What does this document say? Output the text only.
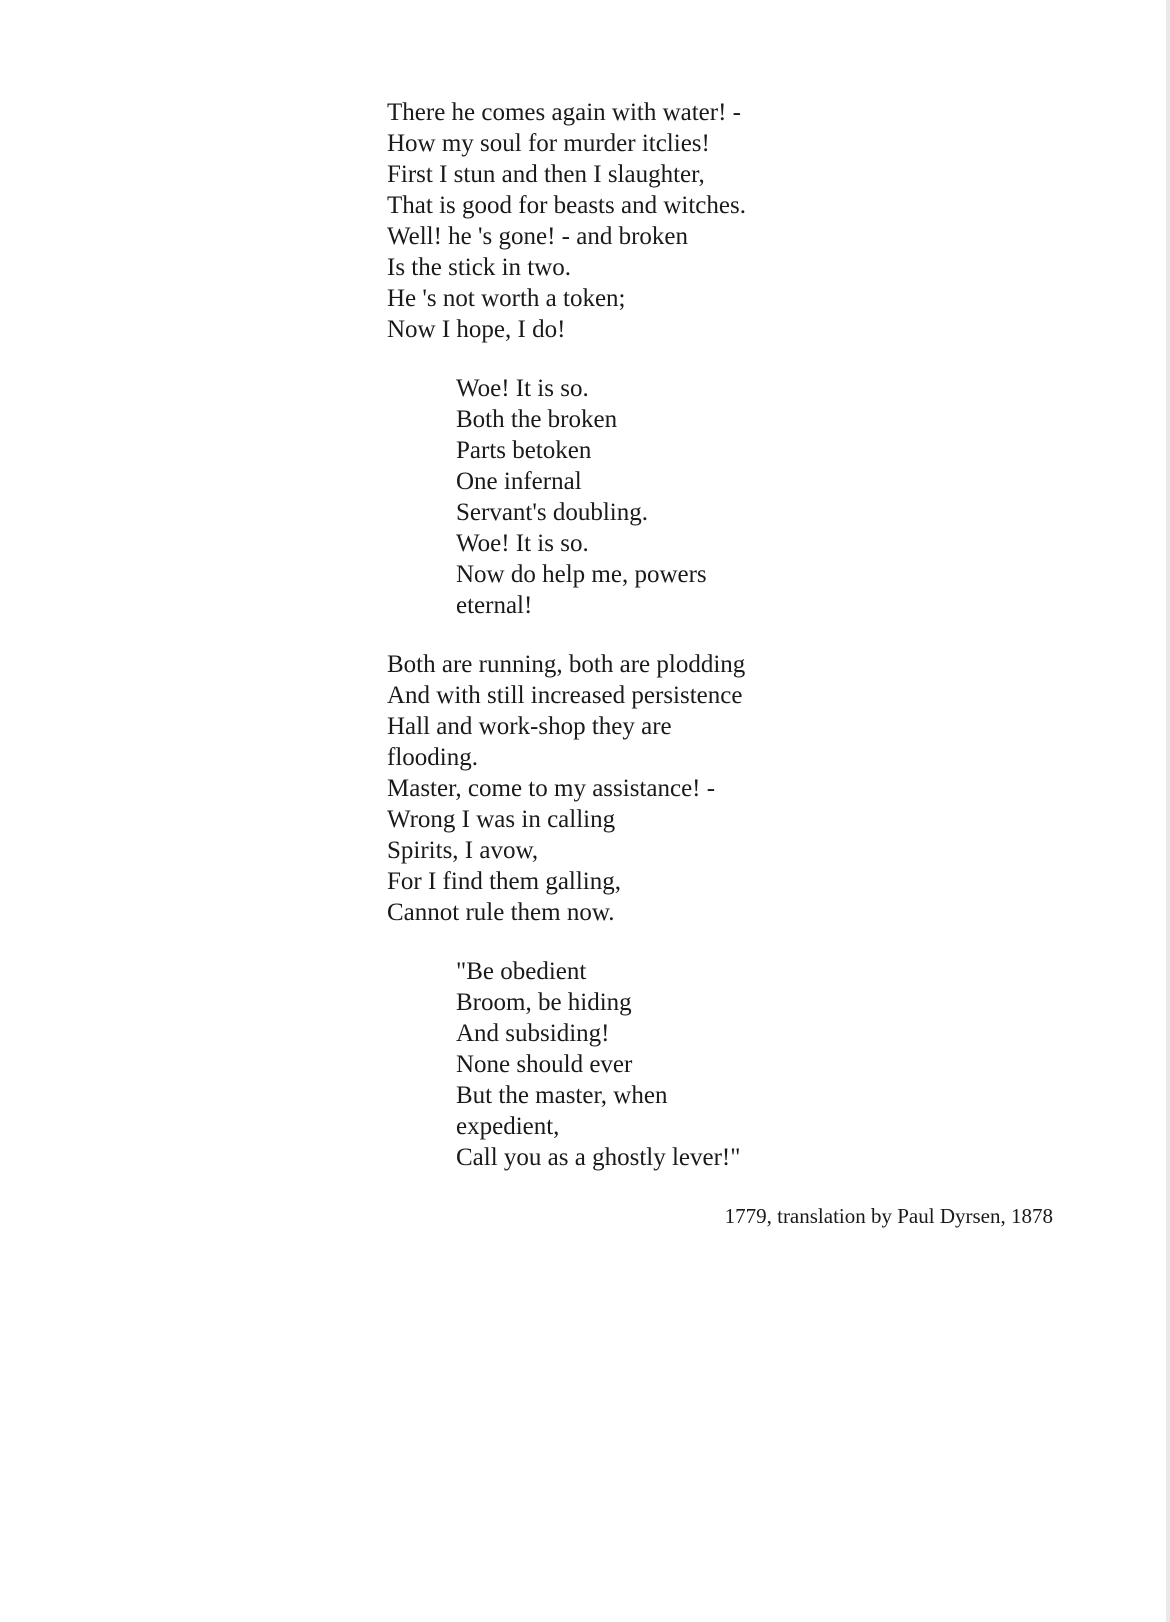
There he comes again with water! -
How my soul for murder itclies!
First I stun and then I slaughter,
That is good for beasts and witches.
Well! he 's gone! - and broken
Is the stick in two.
He 's not worth a token;
Now I hope, I do!
Woe! It is so.
Both the broken
Parts betoken
One infernal
Servant's doubling.
Woe! It is so.
Now do help me, powers
eternal!
Both are running, both are plodding
And with still increased persistence
Hall and work-shop they are
flooding.
Master, come to my assistance! -
Wrong I was in calling
Spirits, I avow,
For I find them galling,
Cannot rule them now.
"Be obedient
Broom, be hiding
And subsiding!
None should ever
But the master, when
expedient,
Call you as a ghostly lever!"
1779, translation by Paul Dyrsen, 1878
